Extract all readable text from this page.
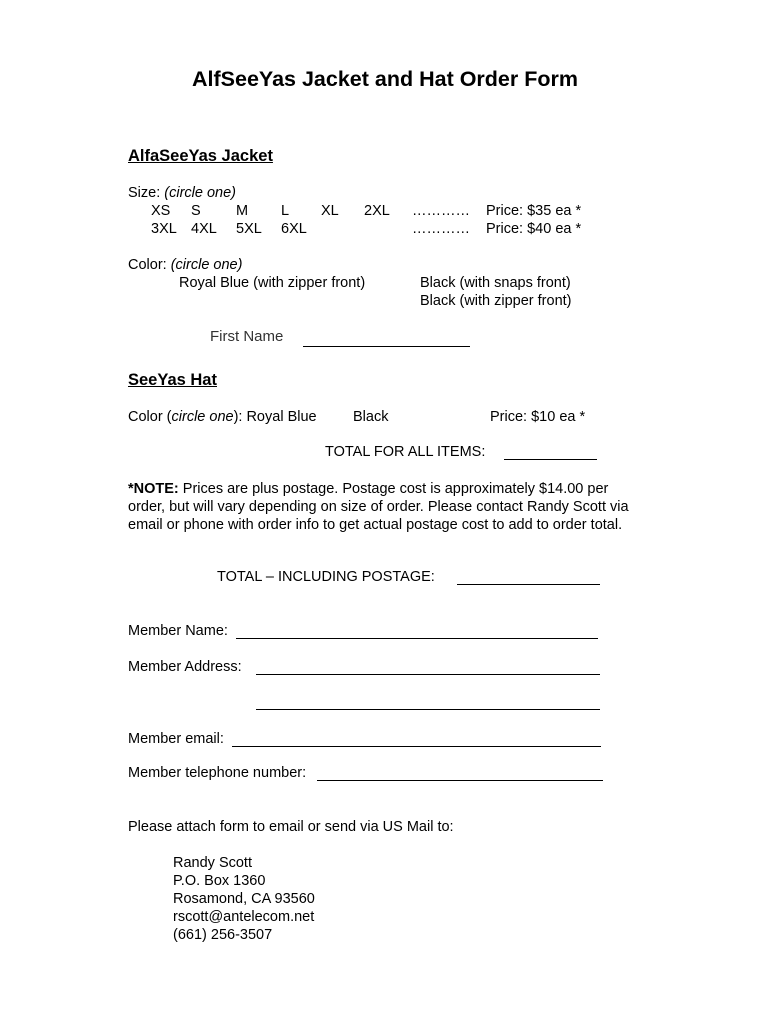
AlfSeeYas Jacket and Hat Order Form
AlfaSeeYas Jacket
Size: (circle one)
XS S M L XL 2XL ………… Price: $35 ea *
3XL 4XL 5XL 6XL	………… Price: $40 ea *
Color: (circle one)
Royal Blue (with zipper front)	Black (with snaps front)
Black (with zipper front)
First Name
SeeYas Hat
Color (circle one): Royal Blue	Black	Price: $10 ea *
TOTAL FOR ALL ITEMS:
*NOTE: Prices are plus postage. Postage cost is approximately $14.00 per order, but will vary depending on size of order. Please contact Randy Scott via email or phone with order info to get actual postage cost to add to order total.
TOTAL – INCLUDING POSTAGE:
Member Name:
Member Address:
Member email:
Member telephone number:
Please attach form to email or send via US Mail to:
Randy Scott
P.O. Box 1360
Rosamond, CA 93560
rscott@antelecom.net
(661) 256-3507
